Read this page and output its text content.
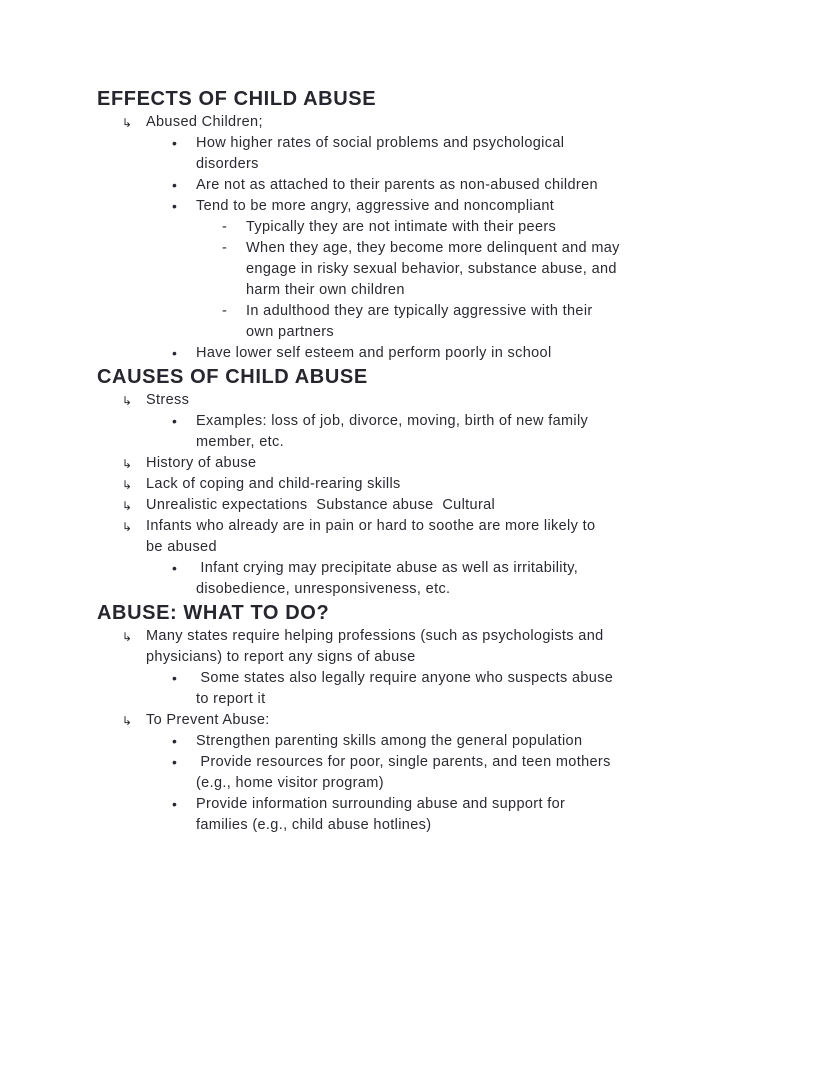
EFFECTS OF CHILD ABUSE
↳ Abused Children;
•	How higher rates of social problems and psychological
disorders
•	Are not as attached to their parents as non-abused children
•	Tend to be more angry, aggressive and noncompliant
-	Typically they are not intimate with their peers
-	When they age, they become more delinquent and may
engage in risky sexual behavior, substance abuse, and
harm their own children
-	In adulthood they are typically aggressive with their
own partners
•	Have lower self esteem and perform poorly in school
CAUSES OF CHILD ABUSE
↳ Stress
•	Examples: loss of job, divorce, moving, birth of new family
member, etc.
↳ History of abuse
↳ Lack of coping and child-rearing skills
↳ Unrealistic expectations  Substance abuse  Cultural
↳ Infants who already are in pain or hard to soothe are more likely to
be abused
•	Infant crying may precipitate abuse as well as irritability,
disobedience, unresponsiveness, etc.
ABUSE: WHAT TO DO?
↳ Many states require helping professions (such as psychologists and
physicians) to report any signs of abuse
•	Some states also legally require anyone who suspects abuse
to report it
↳ To Prevent Abuse:
•	Strengthen parenting skills among the general population
•	Provide resources for poor, single parents, and teen mothers
(e.g., home visitor program)
•	Provide information surrounding abuse and support for
families (e.g., child abuse hotlines)
